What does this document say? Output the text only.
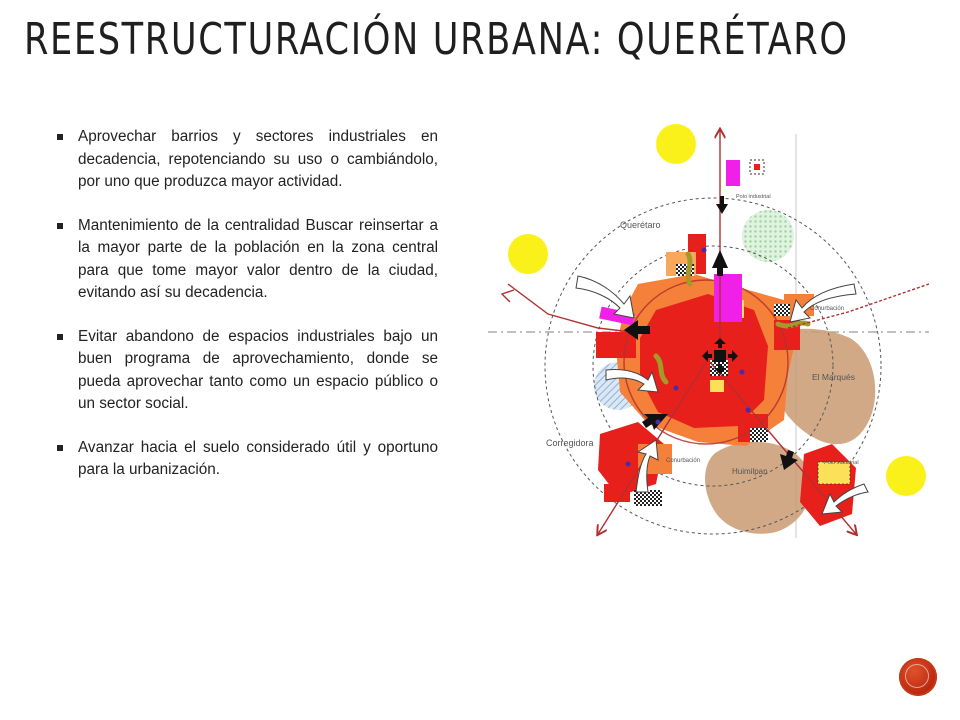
REESTRUCTURACIÓN URBANA: QUERÉTARO
Aprovechar barrios y sectores industriales en decadencia, repotenciando su uso o cambiándolo, por uno que produzca mayor actividad.
Mantenimiento de la centralidad Buscar reinsertar a la mayor parte de la población en la zona central para que tome mayor valor dentro de la ciudad, evitando así su decadencia.
Evitar abandono de espacios industriales bajo un buen programa de aprovechamiento, donde se pueda aprovechar tanto como un espacio público o un sector social.
Avanzar hacia el suelo considerado útil y oportuno para la urbanización.
Querétaro
El Marqués
Corregidora
Huimilpan
Conurbación
Conurbación
Polo industrial
Polo industrial
